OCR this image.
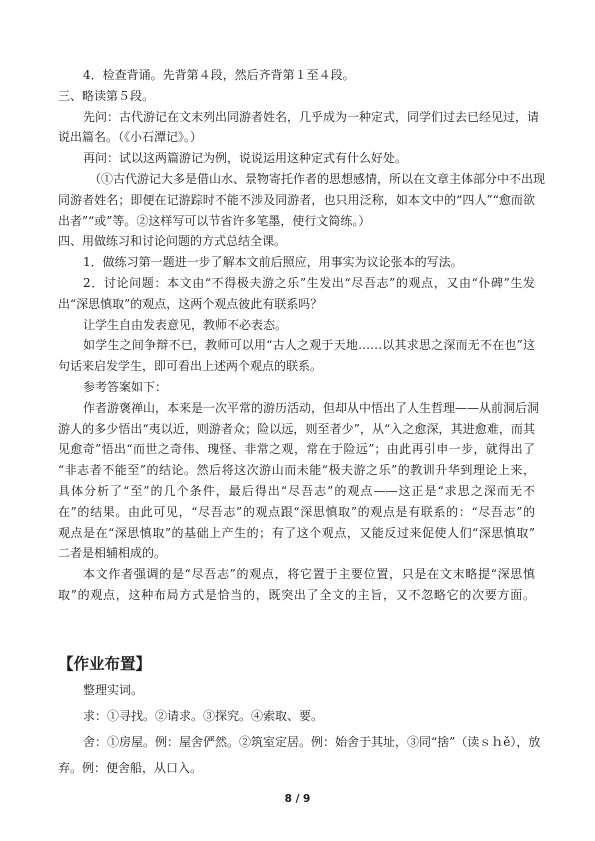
4．检查背诵。先背第４段，然后齐背第１至４段。
三、略读第５段。
先问：古代游记在文末列出同游者姓名，几乎成为一种定式，同学们过去已经见过，请
说出篇名。（《小石潭记》。）
再问：试以这两篇游记为例，说说运用这种定式有什么好处。
（①古代游记大多是借山水、景物寄托作者的思想感情，所以在文章主体部分中不出现
同游者姓名；即便在记游踪时不能不涉及同游者，也只用泛称，如本文中的“四人”“愈而欲
出者”“或”等。②这样写可以节省许多笔墨，使行文简练。）
四、用做练习和讨论问题的方式总结全课。
1．做练习第一题进一步了解本文前后照应，用事实为议论张本的写法。
2．讨论问题：本文由“不得极夫游之乐”生发出“尽吾志”的观点，又由“仆碑”生发
出“深思慎取”的观点，这两个观点彼此有联系吗？
让学生自由发表意见，教师不必表态。
如学生之间争辩不已，教师可以用“古人之观于天地……以其求思之深而无不在也”这
句话来启发学生，即可看出上述两个观点的联系。
参考答案如下：
作者游褒禅山，本来是一次平常的游历活动，但却从中悟出了人生哲理——从前洞后洞
游人的多少悟出“夷以近，则游者众；险以远，则至者少”，从“入之愈深，其进愈难，而其
见愈奇”悟出“而世之奇伟、瑰怪、非常之观，常在于险远”；由此再引申一步，就得出了
“非志者不能至”的结论。然后将这次游山而未能“极夫游之乐”的教训升华到理论上来，
具体分析了“至”的几个条件，最后得出“尽吾志”的观点——这正是“求思之深而无不
在”的结果。由此可见，“尽吾志”的观点跟“深思慎取”的观点是有联系的：“尽吾志”的
观点是在“深思慎取”的基础上产生的；有了这个观点，又能反过来促使人们“深思慎取”
二者是相辅相成的。
本文作者强调的是“尽吾志”的观点，将它置于主要位置，只是在文末略提“深思慎
取”的观点，这种布局方式是恰当的，既突出了全文的主旨，又不忽略它的次要方面。
【作业布置】
整理实词。
求：①寻找。②请求。③探究。④索取、要。
舍：①房屋。例：屋舍俨然。②筑室定居。例：始舍于其址，③同“捨”（读ｓｈě），放
弃。例：便舍船，从口入。
8 / 9
